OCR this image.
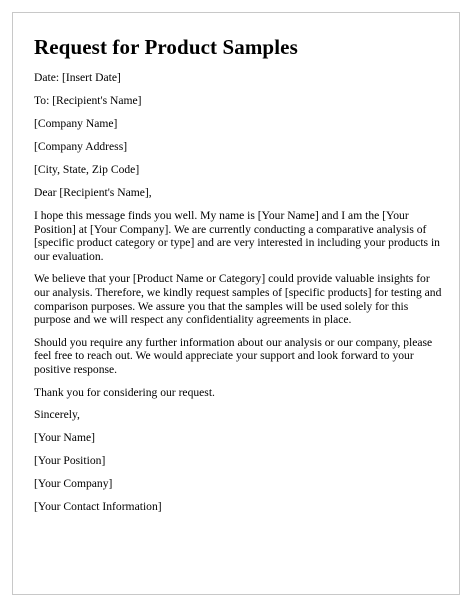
Request for Product Samples

Date: [Insert Date]

To: [Recipient's Name]

[Company Name]

[Company Address]

[City, State, Zip Code]

Dear [Recipient's Name],

I hope this message finds you well. My name is [Your Name] and I am the [Your Position] at [Your Company]. We are currently conducting a comparative analysis of [specific product category or type] and are very interested in including your products in our evaluation.

We believe that your [Product Name or Category] could provide valuable insights for our analysis. Therefore, we kindly request samples of [specific products] for testing and comparison purposes. We assure you that the samples will be used solely for this purpose and we will respect any confidentiality agreements in place.

Should you require any further information about our analysis or our company, please feel free to reach out. We would appreciate your support and look forward to your positive response.

Thank you for considering our request.

Sincerely,

[Your Name]

[Your Position]

[Your Company]

[Your Contact Information]
